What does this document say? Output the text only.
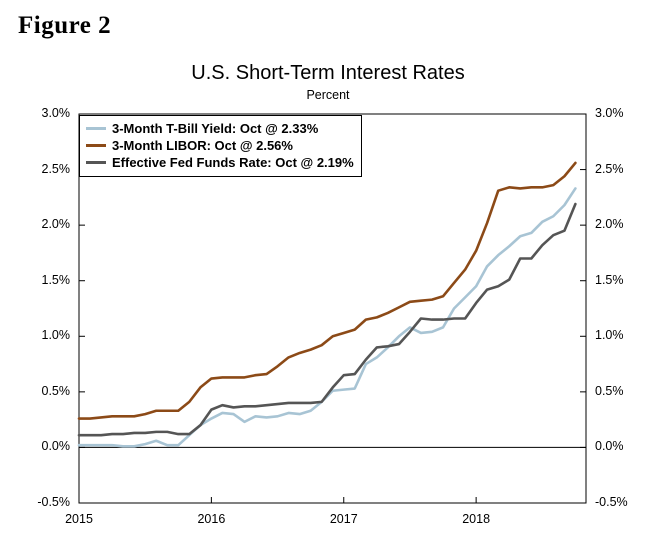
Figure 2
U.S. Short-Term Interest Rates
Percent
3.0%	3.0%
2.5%	2.5%
2.0%	2.0%
1.5%	1.5%
1.0%	1.0%
0.5%	0.5%
0.0%	0.0%
-0.5%	-0.5%
2015	2016	2017	2018
3-Month T-Bill Yield: Oct @ 2.33%
3-Month LIBOR: Oct @ 2.56%
Effective Fed Funds Rate: Oct @ 2.19%
